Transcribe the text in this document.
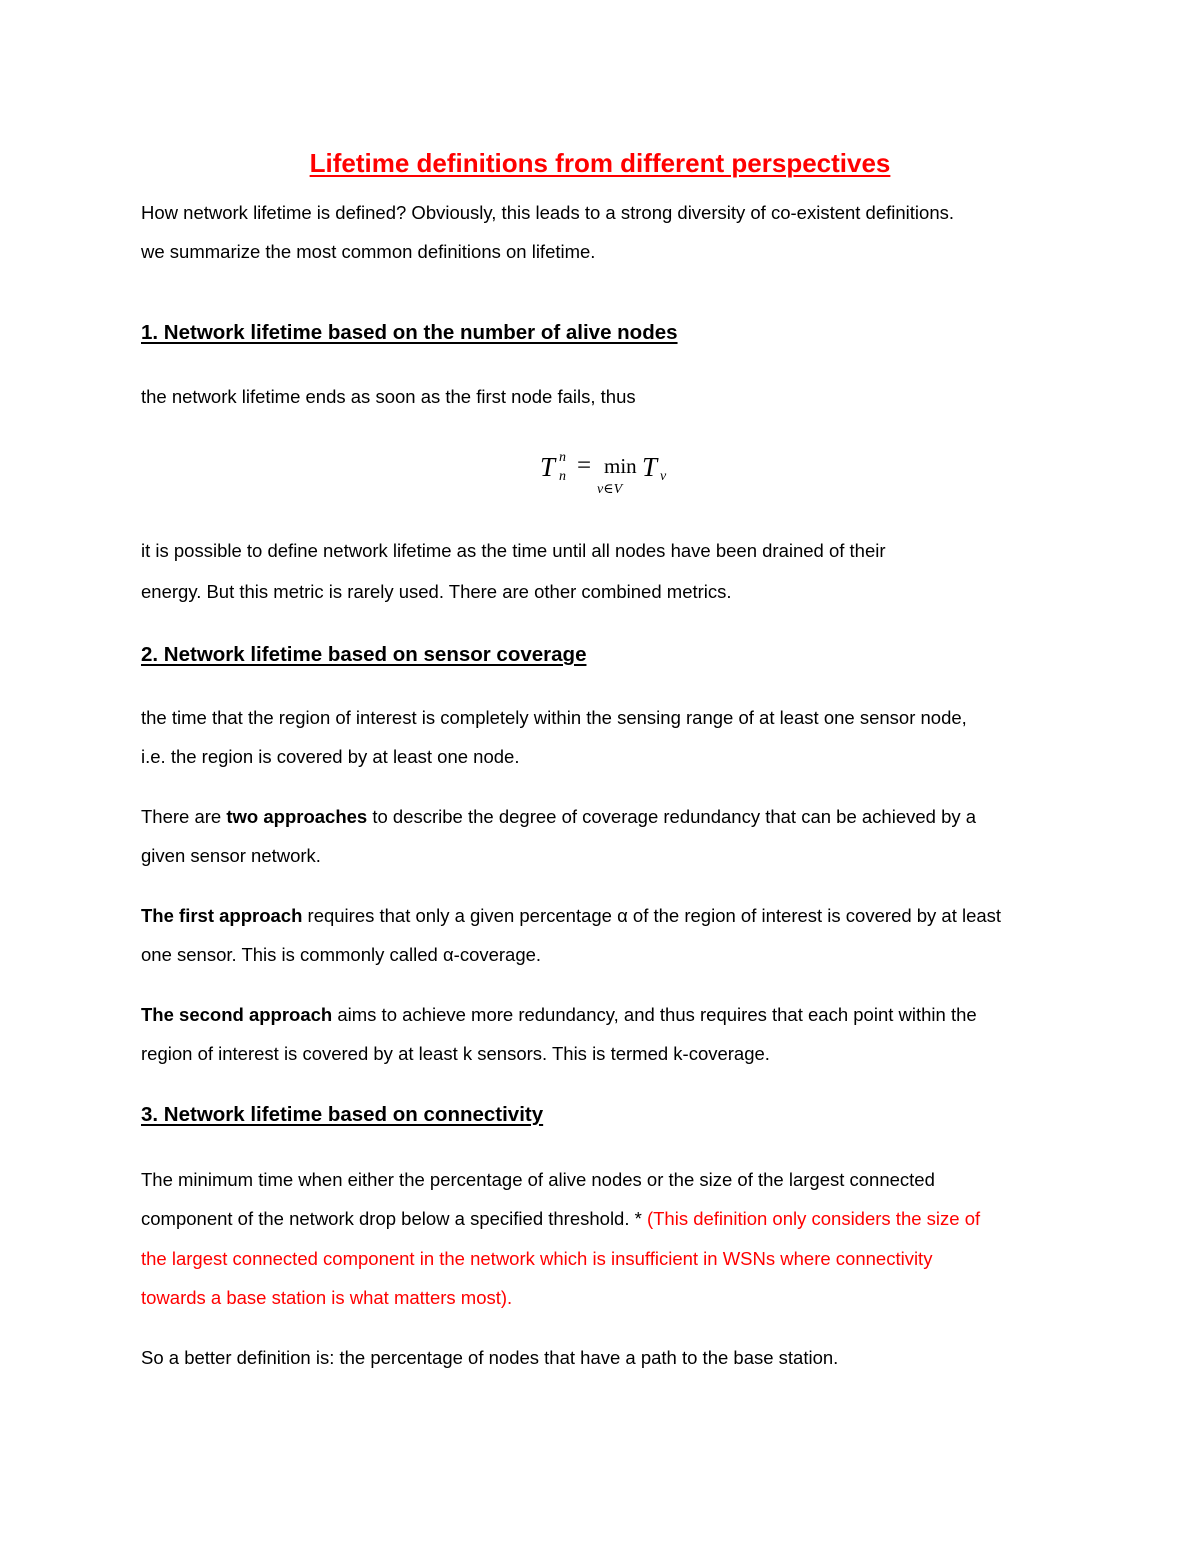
Lifetime definitions from different perspectives
How network lifetime is defined? Obviously, this leads to a strong diversity of co-existent definitions.
we summarize the most common definitions on lifetime.
1. Network lifetime based on the number of alive nodes
the network lifetime ends as soon as the first node fails, thus
T n
n = min
v∈V
T v
it is possible to define network lifetime as the time until all nodes have been drained of their
energy. But this metric is rarely used. There are other combined metrics.
2. Network lifetime based on sensor coverage
the time that the region of interest is completely within the sensing range of at least one sensor node,
i.e. the region is covered by at least one node.
There are two approaches to describe the degree of coverage redundancy that can be achieved by a
given sensor network.
The first approach requires that only a given percentage α of the region of interest is covered by at least
one sensor. This is commonly called α-coverage.
The second approach aims to achieve more redundancy, and thus requires that each point within the
region of interest is covered by at least k sensors. This is termed k-coverage.
3. Network lifetime based on connectivity
The minimum time when either the percentage of alive nodes or the size of the largest connected
component of the network drop below a specified threshold. * (This definition only considers the size of
the largest connected component in the network which is insufficient in WSNs where connectivity
towards a base station is what matters most).
So a better definition is: the percentage of nodes that have a path to the base station.
